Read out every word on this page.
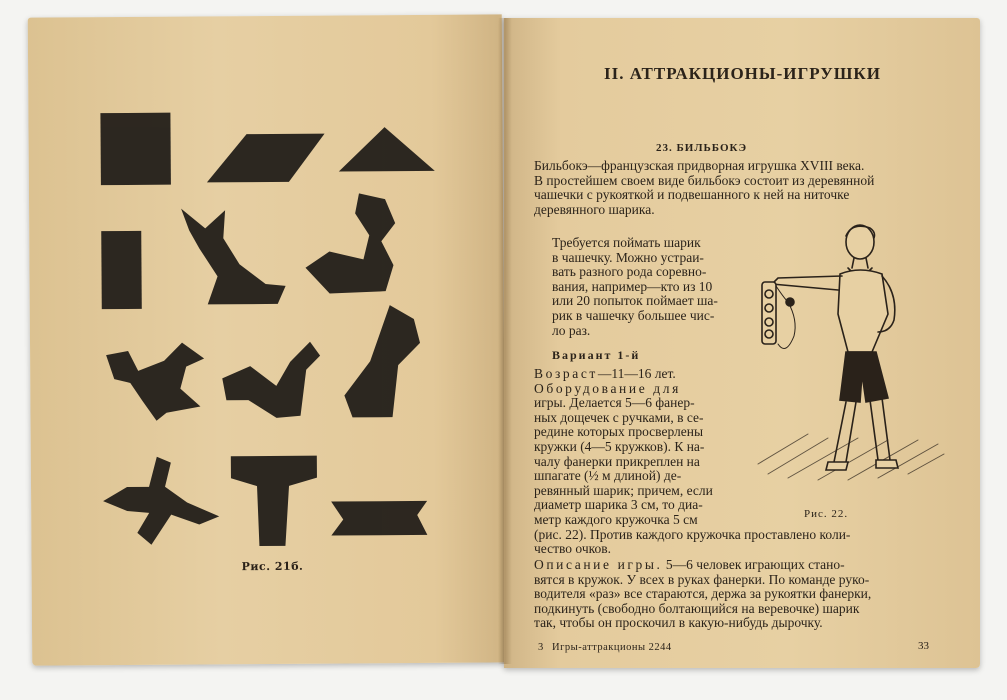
Рис. 21б.
II. АТТРАКЦИОНЫ-ИГРУШКИ
23. БИЛЬБОКЭ
Бильбокэ—французская придворная игрушка XVIII века.
В простейшем своем виде бильбокэ состоит из деревянной
чашечки с рукояткой и подвешанного к ней на ниточке
деревянного шарика.
Требуется поймать шарик
в чашечку. Можно устраи-
вать разного рода соревно-
вания, например—кто из 10
или 20 попыток поймает ша-
рик в чашечку большее чис-
ло раз.
Вариант 1-й
Возраст—11—16 лет.
Оборудование для
игры. Делается 5—6 фанер-
ных дощечек с ручками, в се-
редине которых просверлены
кружки (4—5 кружков). К на-
чалу фанерки прикреплен на
шпагате (½ м длиной) де-
ревянный шарик; причем, если
диаметр шарика 3 см, то диа-
метр каждого кружочка 5 см
(рис. 22). Против каждого кружочка проставлено коли-
чество очков.
Описание игры. 5—6 человек играющих стано-
вятся в кружок. У всех в руках фанерки. По команде руко-
водителя «раз» все стараются, держа за рукоятки фанерки,
подкинуть (свободно болтающийся на веревочке) шарик
так, чтобы он проскочил в какую-нибудь дырочку.
Рис. 22.
3 Игры-аттракционы 2244	33
